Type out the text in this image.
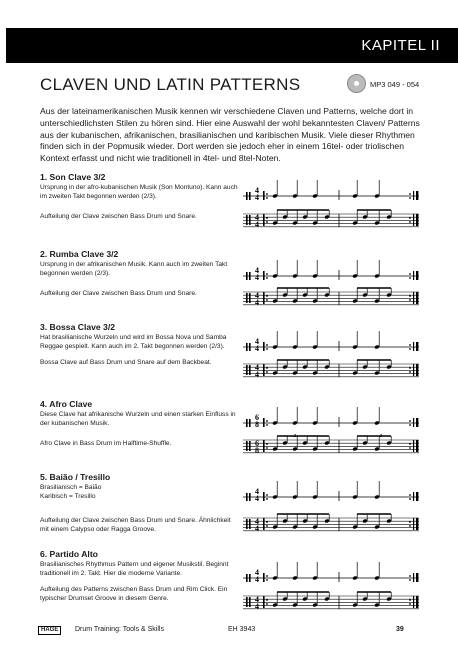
KAPITEL II
CLAVEN UND LATIN PATTERNS	MP3 049 - 054
Aus der lateinamerikanischen Musik kennen wir verschiedene Claven und Patterns, welche dort in unterschiedlichsten Stilen zu hören sind. Hier eine Auswahl der wohl bekanntesten Claven/ Patterns aus der kubanischen, afrikanischen, brasilianischen und karibischen Musik. Viele dieser Rhythmen finden sich in der Popmusik wieder. Dort werden sie jedoch eher in einem 16tel- oder triolischen Kontext erfasst und nicht wie traditionell in 4tel- und 8tel-Noten.
1. Son Clave 3/2

Ursprung in der afro-kubanischen Musik (Son Montuno). Kann auch im zweiten Takt begonnen werden (2/3).

Aufteilung der Clave zwischen Bass Drum und Snare.

2. Rumba Clave 3/2

Ursprung in der afrikanischen Musik. Kann auch im zweiten Takt begonnen werden (2/3).

Aufteilung der Clave zwischen Bass Drum und Snare.

3. Bossa Clave 3/2

Hat brasilianische Wurzeln und wird im Bossa Nova und Samba Reggae gespielt. Kann auch im 2. Takt begonnen werden (2/3).

Bossa Clave auf Bass Drum und Snare auf dem Backbeat.

4. Afro Clave

Diese Clave hat afrikanische Wurzeln und einen starken Einfluss in der kubanischen Musik.

Afro Clave in Bass Drum im Halftime-Shuffle.

5. Baião / Tresillo

Brasilianisch = Baião
Karibisch = Tresillo

Aufteilung der Clave zwischen Bass Drum und Snare. Ähnlichkeit mit einem Calypso oder Ragga Groove.

6. Partido Alto

Brasilianisches Rhythmus Pattern und eigener Musikstil. Beginnt traditionell im 2. Takt. Hier die moderne Variante.

Aufteilung des Patterns zwischen Bass Drum und Rim Click. Ein typischer Drumset Groove in diesem Genre.

4
4
4
4
4
4
4
4
4
4
4
4
6
8
6
8
3	3
4
4
4
4
4
4
4
4
HAGE	Drum Training: Tools & Skills	EH 3943	39
